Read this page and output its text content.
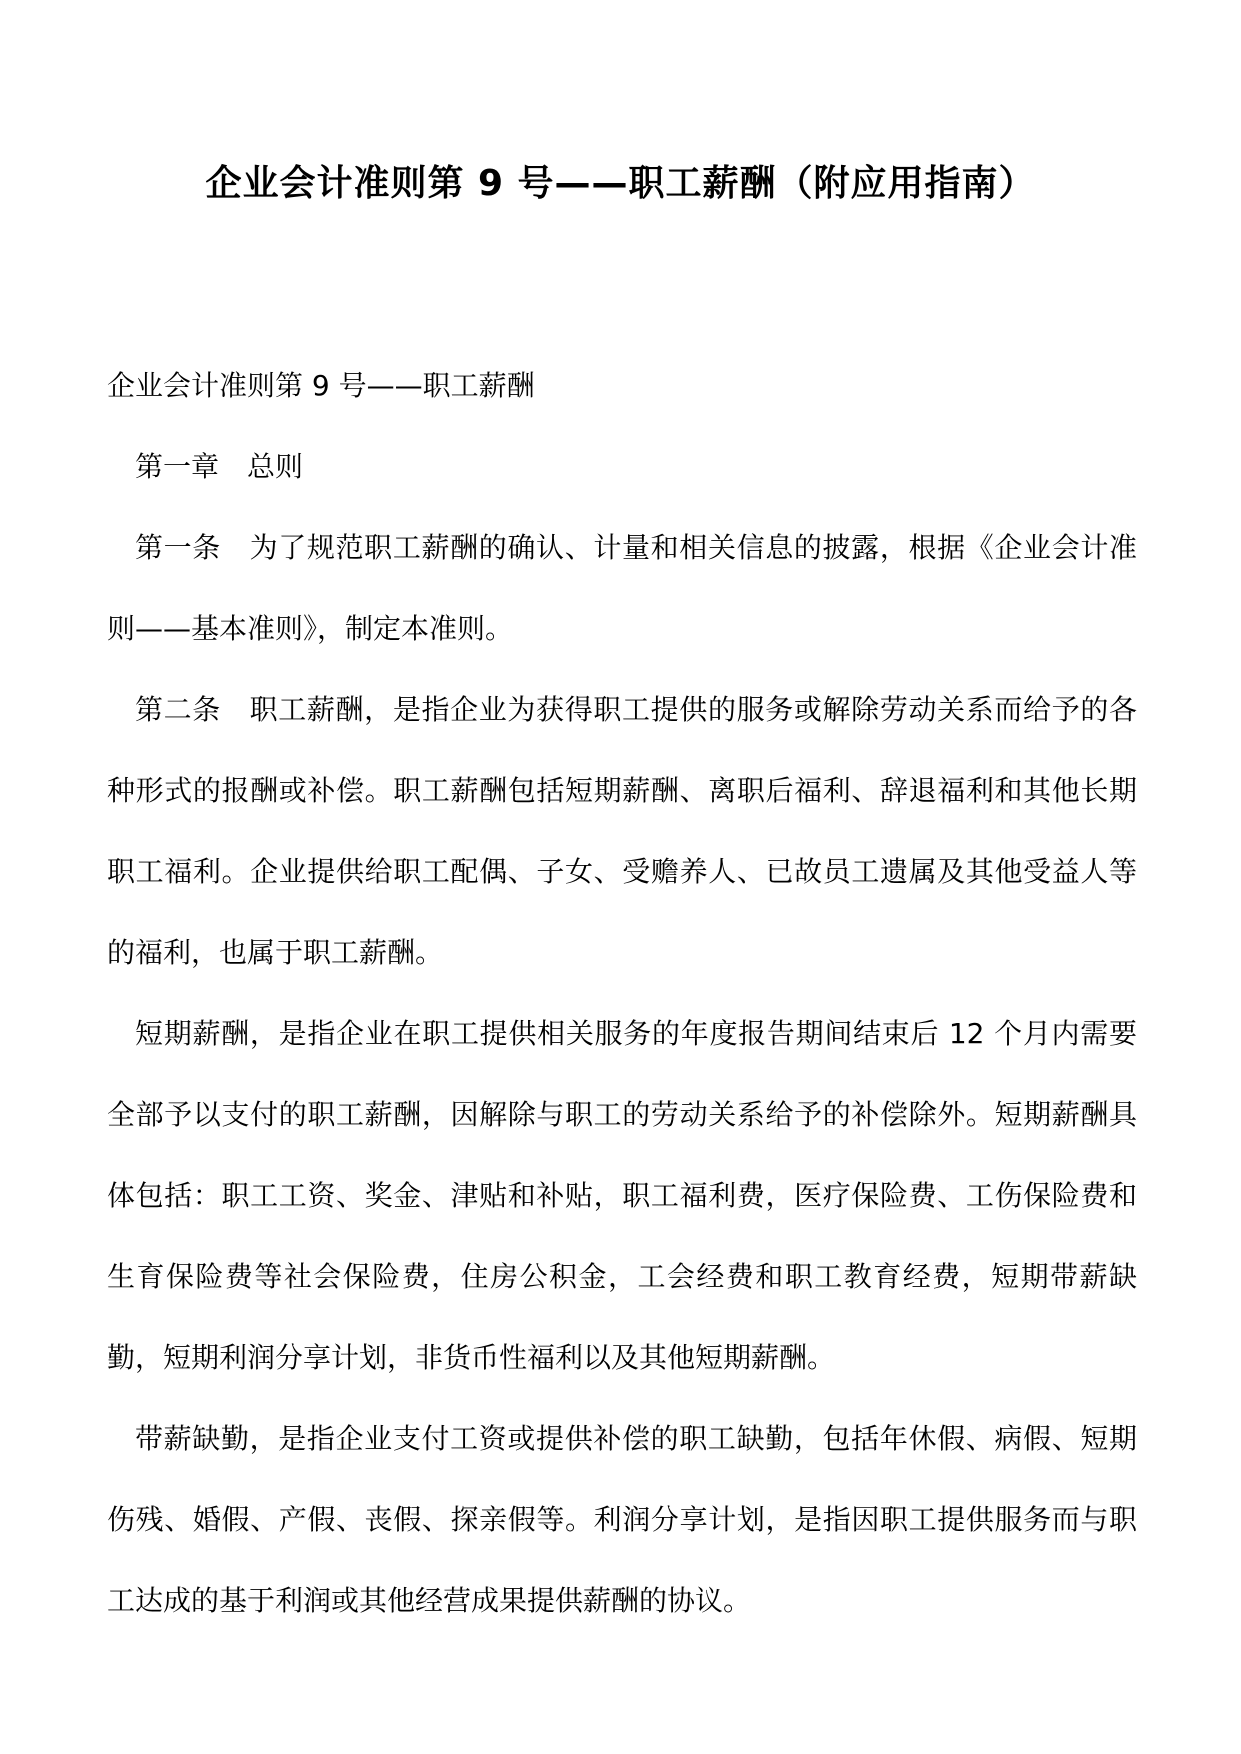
企业会计准则第 9 号——职工薪酬（附应用指南）

企业会计准则第 9 号——职工薪酬

第一章 总则

第一条 为了规范职工薪酬的确认、计量和相关信息的披露，根据《企业会计准则——基本准则》，制定本准则。

第二条 职工薪酬，是指企业为获得职工提供的服务或解除劳动关系而给予的各种形式的报酬或补偿。职工薪酬包括短期薪酬、离职后福利、辞退福利和其他长期职工福利。企业提供给职工配偶、子女、受赡养人、已故员工遗属及其他受益人等的福利，也属于职工薪酬。

短期薪酬，是指企业在职工提供相关服务的年度报告期间结束后 12 个月内需要全部予以支付的职工薪酬，因解除与职工的劳动关系给予的补偿除外。短期薪酬具体包括：职工工资、奖金、津贴和补贴，职工福利费，医疗保险费、工伤保险费和生育保险费等社会保险费，住房公积金，工会经费和职工教育经费，短期带薪缺勤，短期利润分享计划，非货币性福利以及其他短期薪酬。

带薪缺勤，是指企业支付工资或提供补偿的职工缺勤，包括年休假、病假、短期伤残、婚假、产假、丧假、探亲假等。利润分享计划，是指因职工提供服务而与职工达成的基于利润或其他经营成果提供薪酬的协议。
